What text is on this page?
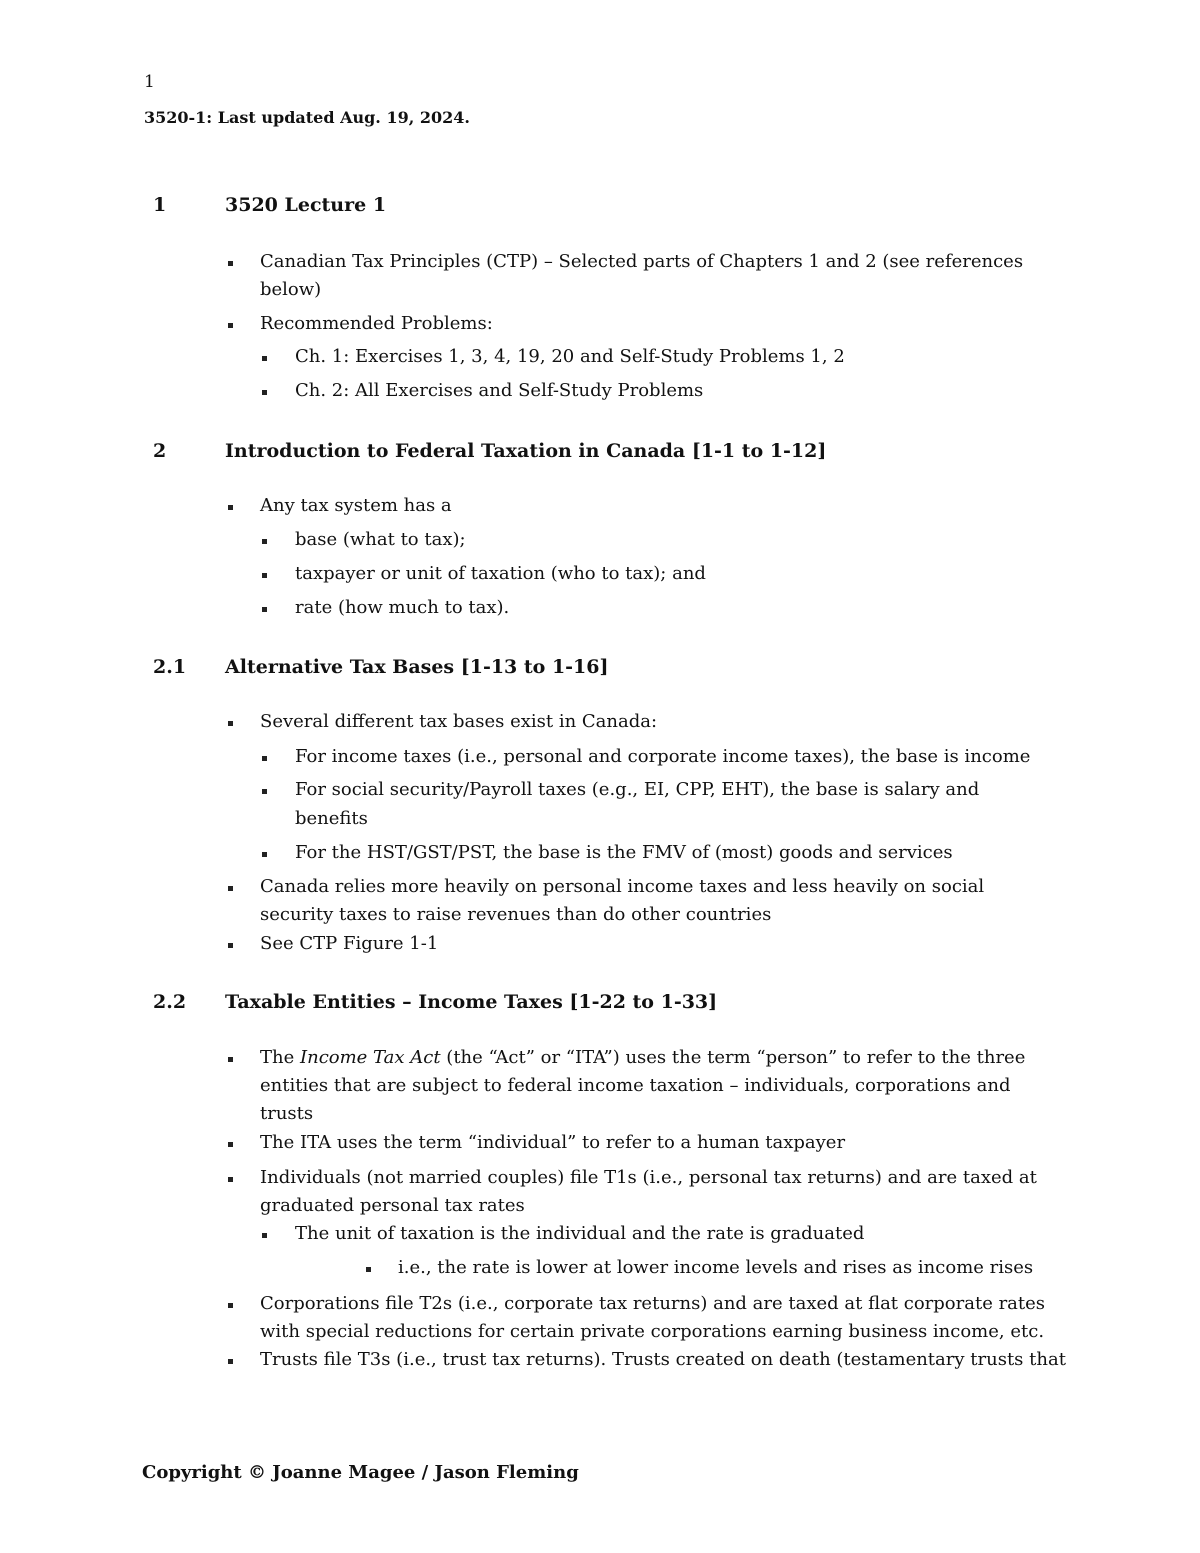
1
3520-1: Last updated Aug. 19, 2024.
1	3520 Lecture 1
Canadian Tax Principles (CTP) – Selected parts of Chapters 1 and 2 (see references
below)
Recommended Problems:
Ch. 1: Exercises 1, 3, 4, 19, 20 and Self-Study Problems 1, 2
Ch. 2: All Exercises and Self-Study Problems
2	Introduction to Federal Taxation in Canada [1-1 to 1-12]
Any tax system has a
base (what to tax);
taxpayer or unit of taxation (who to tax); and
rate (how much to tax).
2.1 Alternative Tax Bases [1-13 to 1-16]
Several different tax bases exist in Canada:
For income taxes (i.e., personal and corporate income taxes), the base is income
For social security/Payroll taxes (e.g., EI, CPP, EHT), the base is salary and
benefits
For the HST/GST/PST, the base is the FMV of (most) goods and services
Canada relies more heavily on personal income taxes and less heavily on social
security taxes to raise revenues than do other countries
See CTP Figure 1-1
2.2 Taxable Entities – Income Taxes [1-22 to 1-33]
The Income Tax Act (the “Act” or “ITA”) uses the term “person” to refer to the three
entities that are subject to federal income taxation – individuals, corporations and
trusts
The ITA uses the term “individual” to refer to a human taxpayer
Individuals (not married couples) file T1s (i.e., personal tax returns) and are taxed at
graduated personal tax rates
The unit of taxation is the individual and the rate is graduated
i.e., the rate is lower at lower income levels and rises as income rises
Corporations file T2s (i.e., corporate tax returns) and are taxed at flat corporate rates
with special reductions for certain private corporations earning business income, etc.
Trusts file T3s (i.e., trust tax returns). Trusts created on death (testamentary trusts that
Copyright © Joanne Magee / Jason Fleming
